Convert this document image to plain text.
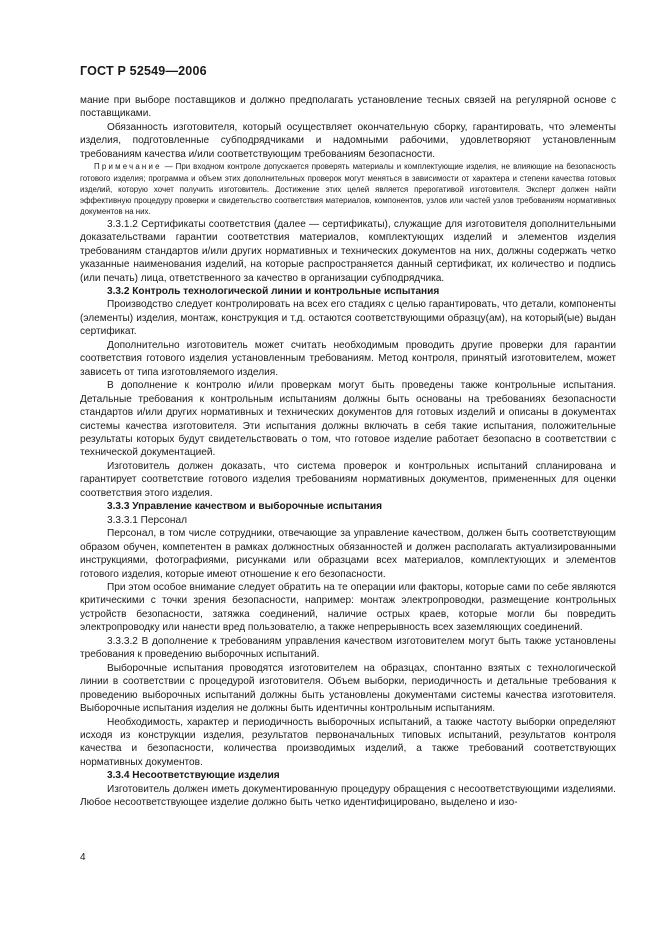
ГОСТ Р 52549—2006

мание при выборе поставщиков и должно предполагать установление тесных связей на регулярной основе с поставщиками.

Обязанность изготовителя, который осуществляет окончательную сборку, гарантировать, что элементы изделия, подготовленные субподрядчиками и надомными рабочими, удовлетворяют установленным требованиям качества и/или соответствующим требованиям безопасности.

Примечание — При входном контроле допускается проверять материалы и комплектующие изделия, не влияющие на безопасность готового изделия; программа и объем этих дополнительных проверок могут меняться в зависимости от характера и степени качества готовых изделий, которую хочет получить изготовитель. Достижение этих целей является прерогативой изготовителя. Эксперт должен найти эффективную процедуру проверки и свидетельство соответствия материалов, компонентов, узлов или частей узлов требованиям нормативных документов на них.

3.3.1.2 Сертификаты соответствия (далее — сертификаты), служащие для изготовителя дополнительными доказательствами гарантии соответствия материалов, комплектующих изделий и элементов изделия требованиям стандартов и/или других нормативных и технических документов на них, должны содержать четко указанные наименования изделий, на которые распространяется данный сертификат, их количество и подпись (или печать) лица, ответственного за качество в организации субподрядчика.

3.3.2 Контроль технологической линии и контрольные испытания

Производство следует контролировать на всех его стадиях с целью гарантировать, что детали, компоненты (элементы) изделия, монтаж, конструкция и т.д. остаются соответствующими образцу(ам), на который(ые) выдан сертификат.

Дополнительно изготовитель может считать необходимым проводить другие проверки для гарантии соответствия готового изделия установленным требованиям. Метод контроля, принятый изготовителем, может зависеть от типа изготовляемого изделия.

В дополнение к контролю и/или проверкам могут быть проведены также контрольные испытания. Детальные требования к контрольным испытаниям должны быть основаны на требованиях безопасности стандартов и/или других нормативных и технических документов для готовых изделий и описаны в документах системы качества изготовителя. Эти испытания должны включать в себя такие испытания, положительные результаты которых будут свидетельствовать о том, что готовое изделие работает безопасно в соответствии с технической документацией.

Изготовитель должен доказать, что система проверок и контрольных испытаний спланирована и гарантирует соответствие готового изделия требованиям нормативных документов, примененных для оценки соответствия этого изделия.

3.3.3 Управление качеством и выборочные испытания

3.3.3.1 Персонал

Персонал, в том числе сотрудники, отвечающие за управление качеством, должен быть соответствующим образом обучен, компетентен в рамках должностных обязанностей и должен располагать актуализированными инструкциями, фотографиями, рисунками или образцами всех материалов, комплектующих и элементов готового изделия, которые имеют отношение к его безопасности.

При этом особое внимание следует обратить на те операции или факторы, которые сами по себе являются критическими с точки зрения безопасности, например: монтаж электропроводки, размещение контрольных устройств безопасности, затяжка соединений, наличие острых краев, которые могли бы повредить электропроводку или нанести вред пользователю, а также непрерывность всех заземляющих соединений.

3.3.3.2 В дополнение к требованиям управления качеством изготовителем могут быть также установлены требования к проведению выборочных испытаний.

Выборочные испытания проводятся изготовителем на образцах, спонтанно взятых с технологической линии в соответствии с процедурой изготовителя. Объем выборки, периодичность и детальные требования к проведению выборочных испытаний должны быть установлены документами системы качества изготовителя. Выборочные испытания изделия не должны быть идентичны контрольным испытаниям.

Необходимость, характер и периодичность выборочных испытаний, а также частоту выборки определяют исходя из конструкции изделия, результатов первоначальных типовых испытаний, результатов контроля качества и безопасности, количества производимых изделий, а также требований соответствующих нормативных документов.

3.3.4 Несоответствующие изделия

Изготовитель должен иметь документированную процедуру обращения с несоответствующими изделиями. Любое несоответствующее изделие должно быть четко идентифицировано, выделено и изо-

4
